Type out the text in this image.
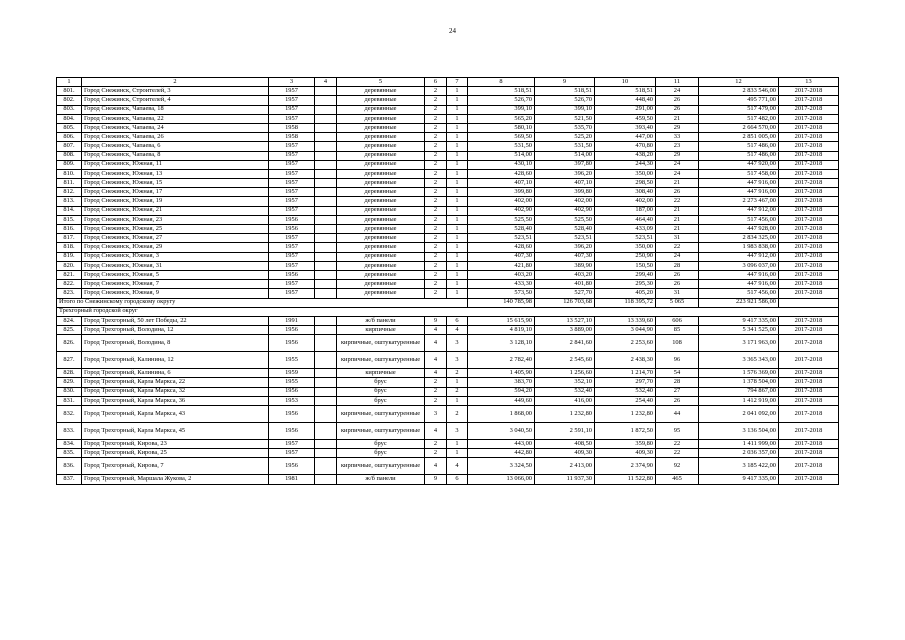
24
1	2	3	4	5	6	7	8	9	10	11	12	13
801.	Город Снежинск, Строителей, 3	1957		деревянные	2	1	518,51	518,51	518,51	24	2 833 546,00	2017-2018
802.	Город Снежинск, Строителей, 4	1957		деревянные	2	1	526,70	526,70	448,40	26	495 771,00	2017-2018
803.	Город Снежинск, Чапаева, 18	1957		деревянные	2	1	399,10	399,10	291,00	26	517 479,00	2017-2018
804.	Город Снежинск, Чапаева, 22	1957		деревянные	2	1	565,20	521,50	459,50	21	517 482,00	2017-2018
805.	Город Снежинск, Чапаева, 24	1958		деревянные	2	1	580,10	535,70	393,40	29	2 664 570,00	2017-2018
806.	Город Снежинск, Чапаева, 26	1958		деревянные	2	1	569,50	525,20	447,00	33	2 851 005,00	2017-2018
807.	Город Снежинск, Чапаева, 6	1957		деревянные	2	1	531,50	531,50	470,80	23	517 486,00	2017-2018
808.	Город Снежинск, Чапаева, 8	1957		деревянные	2	1	514,00	514,00	438,20	29	517 486,00	2017-2018
809.	Город Снежинск, Южная, 11	1957		деревянные	2	1	430,10	397,80	244,30	24	447 920,00	2017-2018
810.	Город Снежинск, Южная, 13	1957		деревянные	2	1	428,60	396,20	350,00	24	517 458,00	2017-2018
811.	Город Снежинск, Южная, 15	1957		деревянные	2	1	407,10	407,10	298,50	21	447 916,00	2017-2018
812.	Город Снежинск, Южная, 17	1957		деревянные	2	1	399,80	399,80	308,40	26	447 916,00	2017-2018
813.	Город Снежинск, Южная, 19	1957		деревянные	2	1	402,00	402,00	402,00	22	2 273 467,00	2017-2018
814.	Город Снежинск, Южная, 21	1957		деревянные	2	1	402,90	402,90	187,00	21	447 912,00	2017-2018
815.	Город Снежинск, Южная, 23	1956		деревянные	2	1	525,50	525,50	464,40	21	517 456,00	2017-2018
816.	Город Снежинск, Южная, 25	1956		деревянные	2	1	528,40	528,40	433,09	21	447 928,00	2017-2018
817.	Город Снежинск, Южная, 27	1957		деревянные	2	1	523,51	523,51	523,51	31	2 834 325,00	2017-2018
818.	Город Снежинск, Южная, 29	1957		деревянные	2	1	428,60	396,20	350,00	22	1 983 838,00	2017-2018
819.	Город Снежинск, Южная, 3	1957		деревянные	2	1	407,30	407,30	250,90	24	447 912,00	2017-2018
820.	Город Снежинск, Южная, 31	1957		деревянные	2	1	421,80	389,90	150,50	28	3 096 037,00	2017-2018
821.	Город Снежинск, Южная, 5	1956		деревянные	2	1	403,20	403,20	299,40	26	447 916,00	2017-2018
822.	Город Снежинск, Южная, 7	1957		деревянные	2	1	433,30	401,80	295,30	26	447 916,00	2017-2018
823.	Город Снежинск, Южная, 9	1957		деревянные	2	1	573,50	527,70	405,20	31	517 456,00	2017-2018
Итого по Снежинскому городскому округу							140 785,98	126 703,68	118 395,72	5 065	223 921 586,00	
Трехгорный городской округ												
824.	Город Трехгорный, 50 лет Победы, 22	1991		ж/б панели	9	6	15 615,90	13 527,10	13 339,60	606	9 417 335,00	2017-2018
825.	Город Трехгорный, Володина, 12	1956		кирпичные	4	4	4 819,10	3 889,00	3 044,90	85	5 341 525,00	2017-2018
826.	Город Трехгорный, Володина, 8	1956		кирпичные, оштукатуренные	4	3	3 128,10	2 841,60	2 253,60	108	3 171 963,00	2017-2018
827.	Город Трехгорный, Калинина, 12	1955		кирпичные, оштукатуренные	4	3	2 782,40	2 545,60	2 438,30	96	3 365 343,00	2017-2018
828.	Город Трехгорный, Калинина, 6	1959		кирпичные	4	2	1 405,90	1 256,60	1 214,70	54	1 576 369,00	2017-2018
829.	Город Трехгорный, Карла Маркса, 22	1955		брус	2	1	383,70	352,10	297,70	28	1 378 504,00	2017-2018
830.	Город Трехгорный, Карла Маркса, 32	1956		брус	2	2	594,20	532,40	532,40	27	794 867,00	2017-2018
831.	Город Трехгорный, Карла Маркса, 36	1953		брус	2	1	449,60	416,00	254,40	26	1 412 919,00	2017-2018
832.	Город Трехгорный, Карла Маркса, 43	1956		кирпичные, оштукатуренные	3	2	1 868,00	1 232,80	1 232,80	44	2 041 092,00	2017-2018
833.	Город Трехгорный, Карла Маркса, 45	1956		кирпичные, оштукатуренные	4	3	3 040,50	2 591,10	1 872,50	95	3 136 504,00	2017-2018
834.	Город Трехгорный, Кирова, 23	1957		брус	2	1	443,00	408,50	359,80	22	1 411 999,00	2017-2018
835.	Город Трехгорный, Кирова, 25	1957		брус	2	1	442,80	409,30	409,30	22	2 036 357,00	2017-2018
836.	Город Трехгорный, Кирова, 7	1956		кирпичные, оштукатуренные	4	4	3 324,50	2 413,00	2 374,90	92	3 185 422,00	2017-2018
837.	Город Трехгорный, Маршала Жукова, 2	1981		ж/б панели	9	6	13 066,00	11 937,30	11 522,80	465	9 417 335,00	2017-2018
